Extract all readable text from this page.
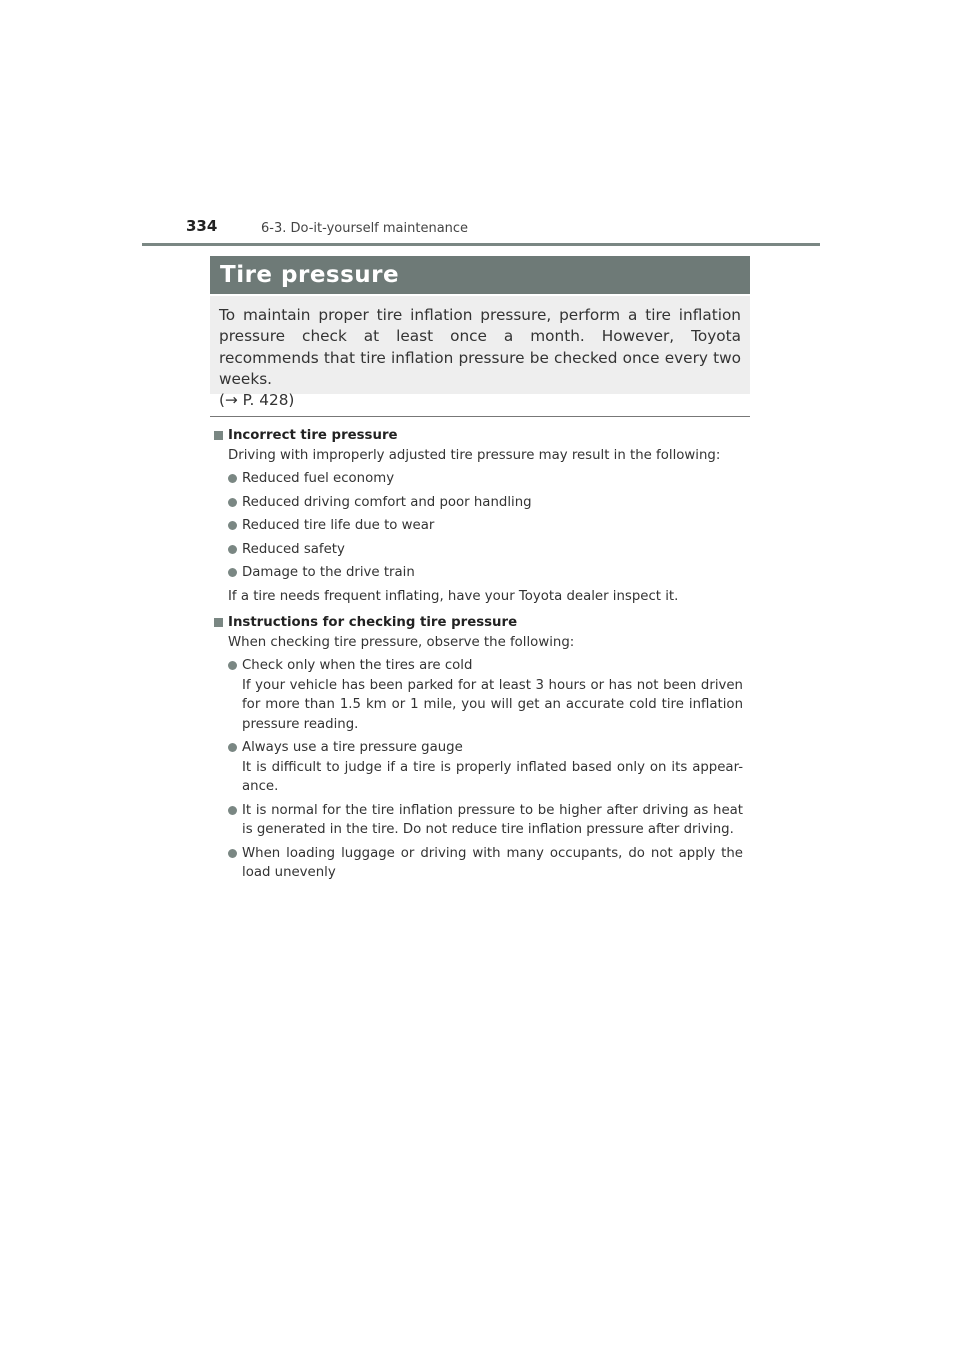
334	6-3. Do-it-yourself maintenance
Tire pressure

To maintain proper tire inflation pressure, perform a tire inflation pressure check at least once a month. However, Toyota recommends that tire inflation pressure be checked once every two weeks.
(→ P. 428)

Incorrect tire pressure
Driving with improperly adjusted tire pressure may result in the following:
Reduced fuel economy
Reduced driving comfort and poor handling
Reduced tire life due to wear
Reduced safety
Damage to the drive train
If a tire needs frequent inflating, have your Toyota dealer inspect it.
Instructions for checking tire pressure
When checking tire pressure, observe the following:
Check only when the tires are cold
If your vehicle has been parked for at least 3 hours or has not been driven for more than 1.5 km or 1 mile, you will get an accurate cold tire inflation pressure reading.
Always use a tire pressure gauge
It is difficult to judge if a tire is properly inflated based only on its appear-ance.
It is normal for the tire inflation pressure to be higher after driving as heat is generated in the tire. Do not reduce tire inflation pressure after driving.
When loading luggage or driving with many occupants, do not apply the load unevenly
